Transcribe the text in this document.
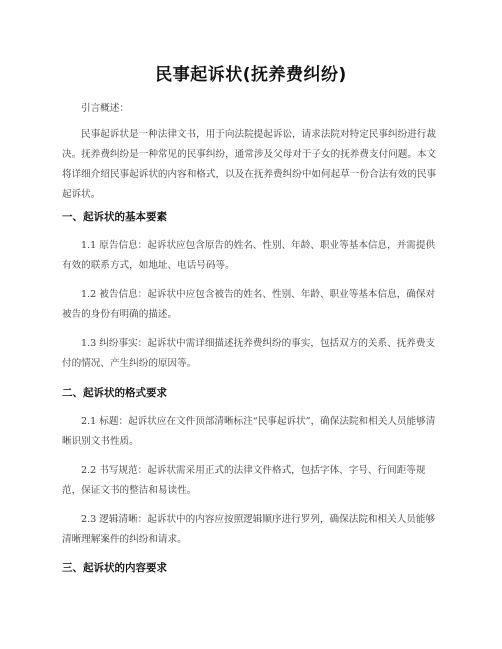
民事起诉状(抚养费纠纷)
引言概述：
民事起诉状是一种法律文书，用于向法院提起诉讼，请求法院对特定民事纠纷进行裁决。抚养费纠纷是一种常见的民事纠纷，通常涉及父母对于子女的抚养费支付问题。本文将详细介绍民事起诉状的内容和格式，以及在抚养费纠纷中如何起草一份合法有效的民事起诉状。
一、起诉状的基本要素
1.1 原告信息：起诉状应包含原告的姓名、性别、年龄、职业等基本信息，并需提供有效的联系方式，如地址、电话号码等。
1.2 被告信息：起诉状中应包含被告的姓名、性别、年龄、职业等基本信息，确保对被告的身份有明确的描述。
1.3 纠纷事实：起诉状中需详细描述抚养费纠纷的事实，包括双方的关系、抚养费支付的情况、产生纠纷的原因等。
二、起诉状的格式要求
2.1 标题：起诉状应在文件顶部清晰标注“民事起诉状”，确保法院和相关人员能够清晰识别文书性质。
2.2 书写规范：起诉状需采用正式的法律文件格式，包括字体、字号、行间距等规范，保证文书的整洁和易读性。
2.3 逻辑清晰：起诉状中的内容应按照逻辑顺序进行罗列，确保法院和相关人员能够清晰理解案件的纠纷和请求。
三、起诉状的内容要求
